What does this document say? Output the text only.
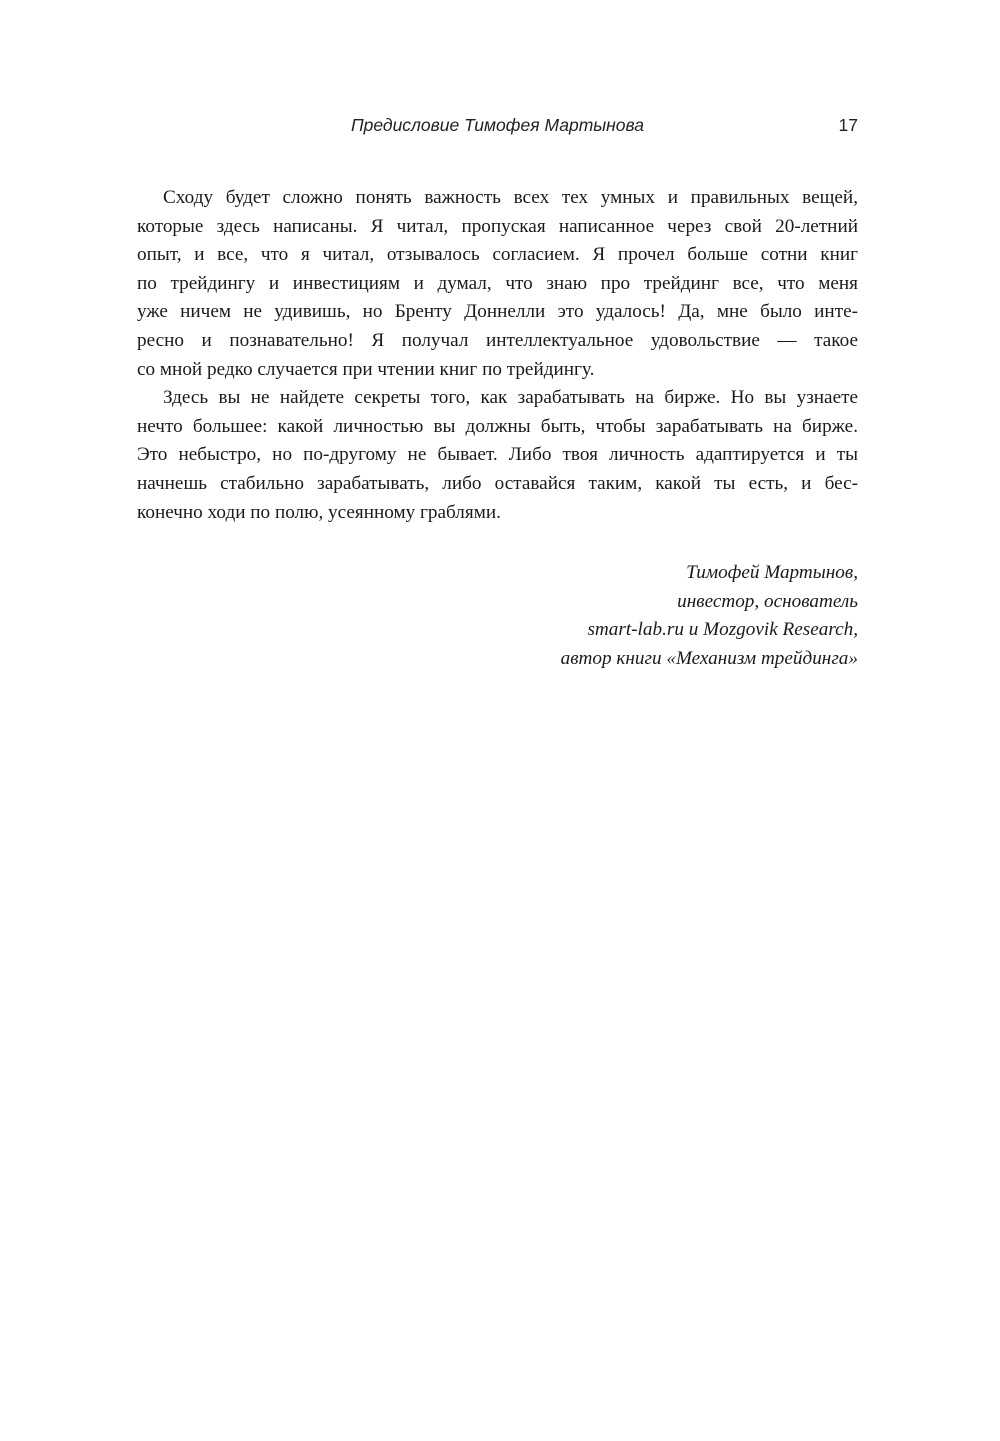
Предисловие Тимофея Мартынова	17
Сходу будет сложно понять важность всех тех умных и правильных вещей,
которые здесь написаны. Я читал, пропуская написанное через свой 20-летний
опыт, и все, что я читал, отзывалось согласием. Я прочел больше сотни книг
по трейдингу и инвестициям и думал, что знаю про трейдинг все, что меня
уже ничем не удивишь, но Бренту Доннелли это удалось! Да, мне было инте-
ресно и познавательно! Я получал интеллектуальное удовольствие — такое
со мной редко случается при чтении книг по трейдингу.
Здесь вы не найдете секреты того, как зарабатывать на бирже. Но вы узнаете
нечто большее: какой личностью вы должны быть, чтобы зарабатывать на бирже.
Это небыстро, но по-другому не бывает. Либо твоя личность адаптируется и ты
начнешь стабильно зарабатывать, либо оставайся таким, какой ты есть, и бес-
конечно ходи по полю, усеянному граблями.
Тимофей Мартынов,
инвестор, основатель
smart-lab.ru и Mozgovik Research,
автор книги «Механизм трейдинга»
